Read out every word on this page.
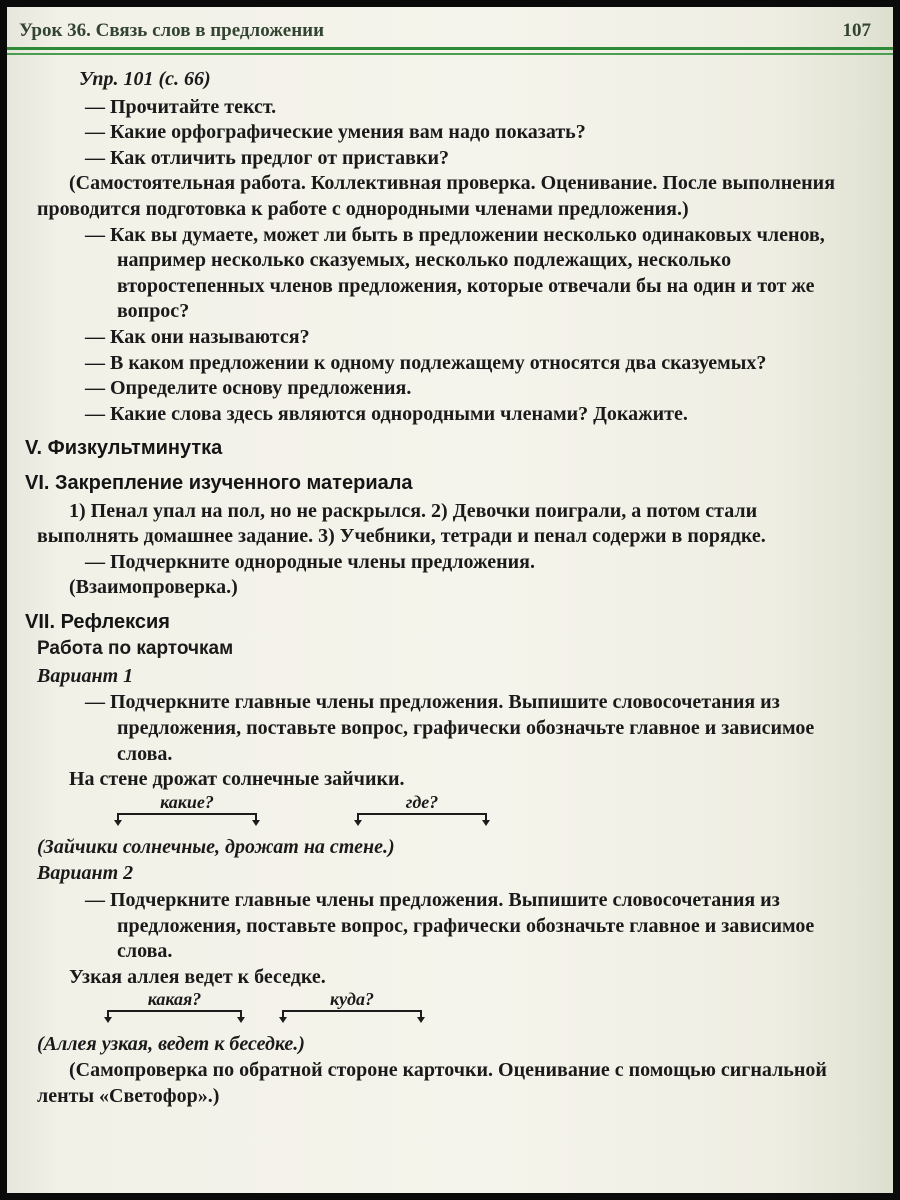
Урок 36. Связь слов в предложении	107

Упр. 101 (с. 66)

— Прочитайте текст.

— Какие орфографические умения вам надо показать?

— Как отличить предлог от приставки?

(Самостоятельная работа. Коллективная проверка. Оценивание. После выполнения проводится подготовка к работе с однородными членами предложения.)

— Как вы думаете, может ли быть в предложении несколько одинаковых членов, например несколько сказуемых, несколько подлежащих, несколько второстепенных членов предложения, которые отвечали бы на один и тот же вопрос?

— Как они называются?

— В каком предложении к одному подлежащему относятся два сказуемых?

— Определите основу предложения.

— Какие слова здесь являются однородными членами? Докажите.

V. Физкультминутка
VI. Закрепление изученного материала

1) Пенал упал на пол, но не раскрылся. 2) Девочки поиграли, а потом стали выполнять домашнее задание. 3) Учебники, тетради и пенал содержи в порядке.

— Подчеркните однородные члены предложения.

(Взаимопроверка.)

VII. Рефлексия

Работа по карточкам

Вариант 1

— Подчеркните главные члены предложения. Выпишите словосочетания из предложения, поставьте вопрос, графически обозначьте главное и зависимое слова.

На стене дрожат солнечные зайчики.

какие?	где?

(Зайчики солнечные, дрожат на стене.)

Вариант 2

— Подчеркните главные члены предложения. Выпишите словосочетания из предложения, поставьте вопрос, графически обозначьте главное и зависимое слова.

Узкая аллея ведет к беседке.

какая?	куда?

(Аллея узкая, ведет к беседке.)

(Самопроверка по обратной стороне карточки. Оценивание с помощью сигнальной ленты «Светофор».)
